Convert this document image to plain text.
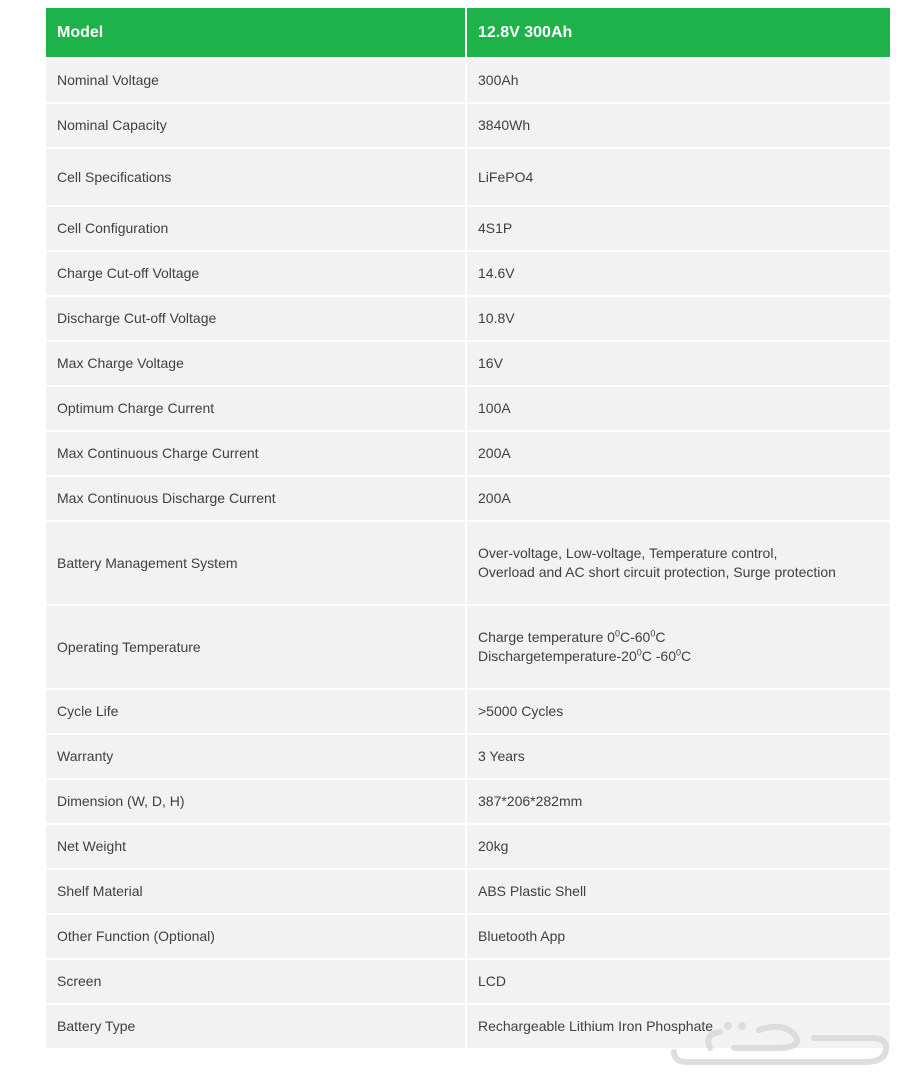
Model	12.8V 300Ah
Nominal Voltage	300Ah
Nominal Capacity	3840Wh
Cell Specifications	LiFePO4
Cell Configuration	4S1P
Charge Cut-off Voltage	14.6V
Discharge Cut-off Voltage	10.8V
Max Charge Voltage	16V
Optimum Charge Current	100A
Max Continuous Charge Current	200A
Max Continuous Discharge Current	200A
Battery Management System	Over-voltage, Low-voltage, Temperature control,
Overload and AC short circuit protection, Surge protection

Operating Temperature	Charge temperature $0^0C-60^0C$
Dischargetemperature-$20^0C$ $-60^0C$

Cycle Life	>5000 Cycles
Warranty	3 Years
Dimension (W, D, H)	387*206*282mm
Net Weight	20kg
Shelf Material	ABS Plastic Shell
Other Function (Optional)	Bluetooth App
Screen	LCD
Battery Type	Rechargeable Lithium Iron Phosphate
